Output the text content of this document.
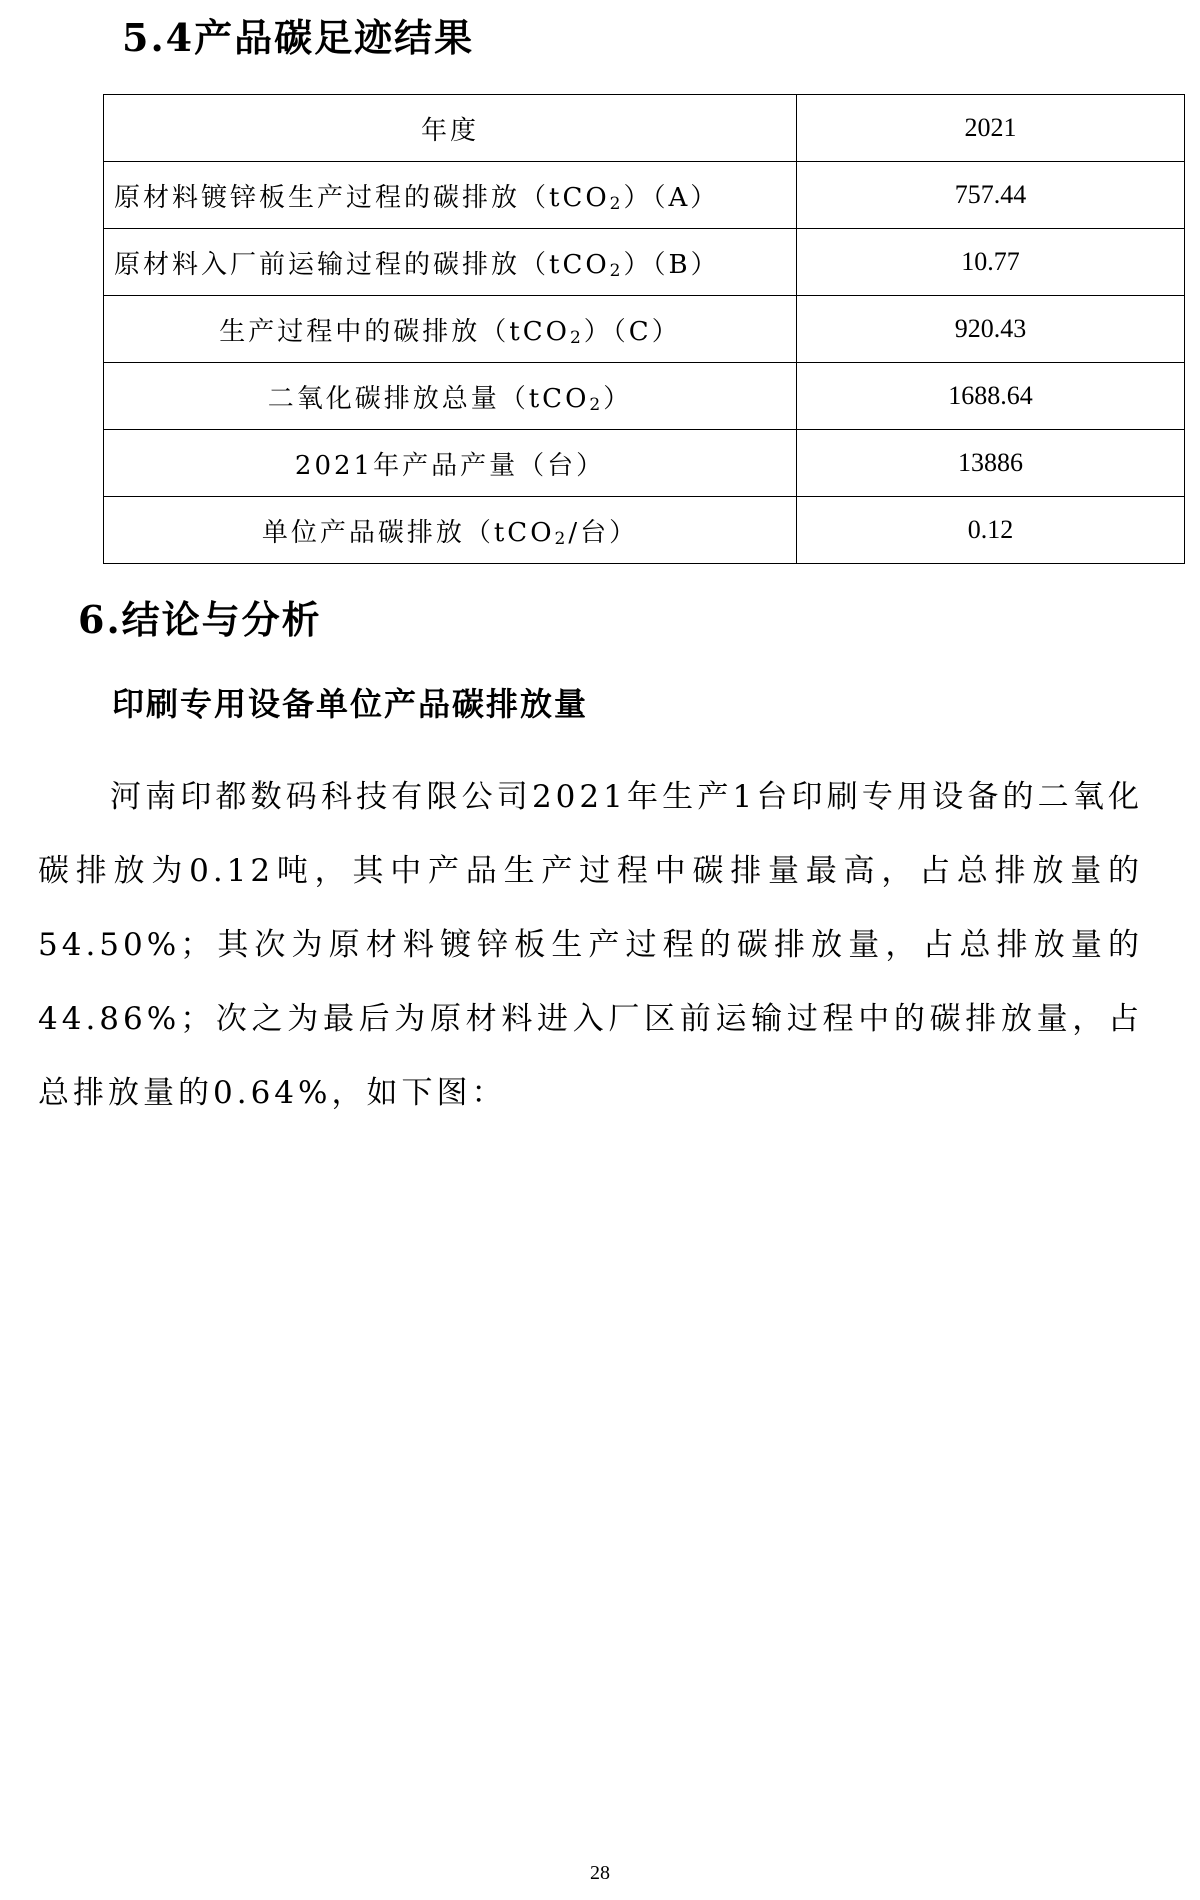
5.4产品碳足迹结果
年度	2021
原材料镀锌板生产过程的碳排放（tCO$_2$）（A）	757.44
原材料入厂前运输过程的碳排放（tCO$_2$）（B）	10.77
生产过程中的碳排放（tCO$_2$）（C）	920.43
二氧化碳排放总量（tCO$_2$）	1688.64
2021年产品产量（台）	13886
单位产品碳排放（tCO$_2$/台）	0.12
6.结论与分析
印刷专用设备单位产品碳排放量

河南印都数码科技有限公司2021年生产1台印刷专用设备的二氧化碳排放为0.12吨，其中产品生产过程中碳排量最高，占总排放量的54.50%；其次为原材料镀锌板生产过程的碳排放量，占总排放量的44.86%；次之为最后为原材料进入厂区前运输过程中的碳排放量，占总排放量的0.64%，如下图：

28
